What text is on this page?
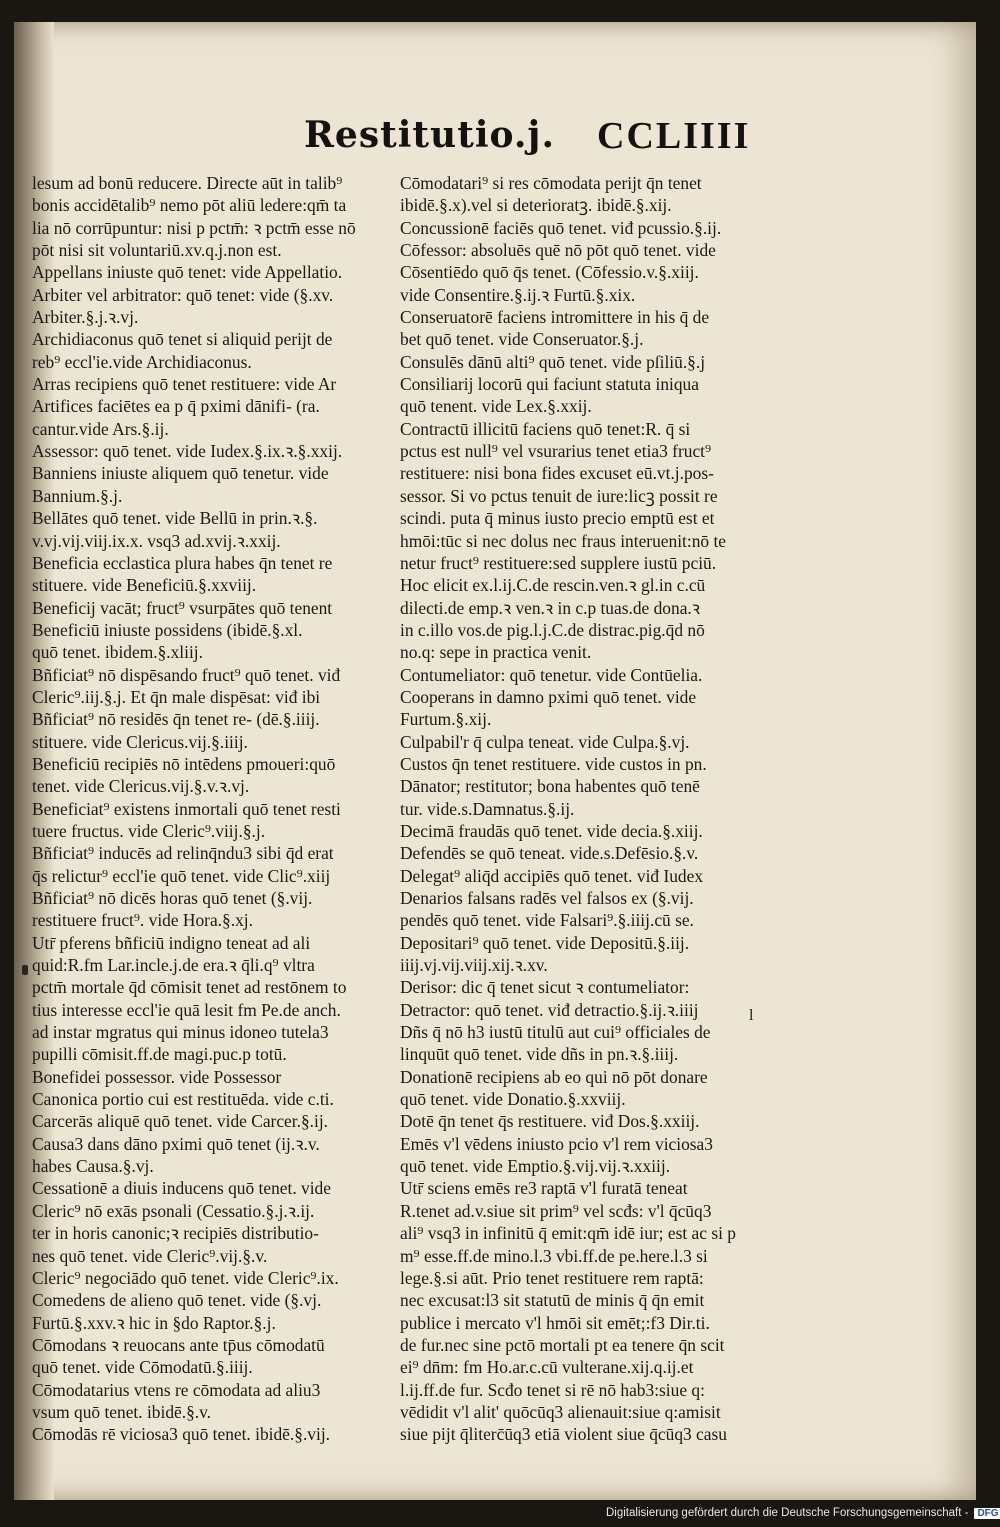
Restitutio.j. CCLIIII
lesum ad bonū reducere. Directe aūt in talib⁹
bonis accidētalib⁹ nemo pōt aliū ledere:qm̄ ta
lia nō corrūpuntur: nisi p pctm̄: ꝛ pctm̄ esse nō
pōt nisi sit voluntariū.xv.q.j.non est.
Appellans iniuste quō tenet: vide Appellatio.
Arbiter vel arbitrator: quō tenet: vide (§.xv.
Arbiter.§.j.ꝛ.vj.
Archidiaconus quō tenet si aliquid perijt de
reb⁹ eccl'ie.vide Archidiaconus.
Arras recipiens quō tenet restituere: vide Ar
Artifices faciētes ea p q̄ pximi dānifi- (ra.
cantur.vide Ars.§.ij.
Assessor: quō tenet. vide Iudex.§.ix.ꝛ.§.xxij.
Banniens iniuste aliquem quō tenetur. vide
Bannium.§.j.
Bellātes quō tenet. vide Bellū in prin.ꝛ.§.
v.vj.vij.viij.ix.x. vsq3 ad.xvij.ꝛ.xxij.
Beneficia ecclastica plura habes q̄n tenet re
stituere. vide Beneficiū.§.xxviij.
Beneficij vacāt; fruct⁹ vsurpātes quō tenent
Beneficiū iniuste possidens (ibidē.§.xl.
quō tenet. ibidem.§.xliij.
Bñficiat⁹ nō dispēsando fruct⁹ quō tenet. viđ
Cleric⁹.iij.§.j. Et q̄n male dispēsat: viđ ibi
Bñficiat⁹ nō residēs q̄n tenet re- (dē.§.iiij.
stituere. vide Clericus.vij.§.iiij.
Beneficiū recipiēs nō intēdens pmoueri:quō
tenet. vide Clericus.vij.§.v.ꝛ.vj.
Beneficiat⁹ existens inmortali quō tenet resti
tuere fructus. vide Cleric⁹.viij.§.j.
Bñficiat⁹ inducēs ad relinq̄ndu3 sibi q̄d erat
q̄s relictur⁹ eccl'ie quō tenet. vide Clic⁹.xiij
Bñficiat⁹ nō dicēs horas quō tenet (§.vij.
restituere fruct⁹. vide Hora.§.xj.
Utr̄ pferens bñficiū indigno teneat ad ali
quid:R.fm Lar.incle.j.de era.ꝛ q̄li.q⁹ vltra
pctm̄ mortale q̄d cōmisit tenet ad restōnem to
tius interesse eccl'ie quā lesit fm Pe.de anch.
ad instar mgratus qui minus idoneo tutela3
pupilli cōmisit.ff.de magi.puc.p totū.
Bonefidei possessor. vide Possessor
Canonica portio cui est restituēda. vide c.ti.
Carcerās aliquē quō tenet. vide Carcer.§.ij.
Causa3 dans dāno pximi quō tenet (ij.ꝛ.v.
habes Causa.§.vj.
Cessationē a diuis inducens quō tenet. vide
Cleric⁹ nō exās psonali (Cessatio.§.j.ꝛ.ij.
ter in horis canonic;ꝛ recipiēs distributio-
nes quō tenet. vide Cleric⁹.vij.§.v.
Cleric⁹ negociādo quō tenet. vide Cleric⁹.ix.
Comedens de alieno quō tenet. vide (§.vj.
Furtū.§.xxv.ꝛ hic in §do Raptor.§.j.
Cōmodans ꝛ reuocans ante tp̄us cōmodatū
quō tenet. vide Cōmodatū.§.iiij.
Cōmodatarius vtens re cōmodata ad aliu3
vsum quō tenet. ibidē.§.v.
Cōmodās rē viciosa3 quō tenet. ibidē.§.vij.
Cōmodatari⁹ si res cōmodata perijt q̄n tenet
ibidē.§.x).vel si deterioratꝫ. ibidē.§.xij.
Concussionē faciēs quō tenet. viđ pcussio.§.ij.
Cōfessor: absoluēs quē nō pōt quō tenet. vide
Cōsentiēdo quō q̄s tenet. (Cōfessio.v.§.xiij.
vide Consentire.§.ij.ꝛ Furtū.§.xix.
Conseruatorē faciens intromittere in his q̄ de
bet quō tenet. vide Conseruator.§.j.
Consulēs dānū alti⁹ quō tenet. vide pſiliū.§.j
Consiliarij locorū qui faciunt statuta iniqua
quō tenent. vide Lex.§.xxij.
Contractū illicitū faciens quō tenet:R. q̄ si
pctus est null⁹ vel vsurarius tenet etia3 fruct⁹
restituere: nisi bona fides excuset eū.vt.j.pos-
sessor. Si vo pctus tenuit de iure:licꝫ possit re
scindi. puta q̄ minus iusto precio emptū est et
hmōi:tūc si nec dolus nec fraus interuenit:nō te
netur fruct⁹ restituere:sed supplere iustū pciū.
Hoc elicit ex.l.ij.C.de rescin.ven.ꝛ gl.in c.cū
dilecti.de emp.ꝛ ven.ꝛ in c.p tuas.de dona.ꝛ
in c.illo vos.de pig.l.j.C.de distrac.pig.q̄d nō
no.q: sepe in practica venit.
Contumeliator: quō tenetur. vide Contūelia.
Cooperans in damno pximi quō tenet. vide
Furtum.§.xij.
Culpabil'r q̄ culpa teneat. vide Culpa.§.vj.
Custos q̄n tenet restituere. vide custos in pn.
Dānator; restitutor; bona habentes quō tenē
tur. vide.s.Damnatus.§.ij.
Decimā fraudās quō tenet. vide decia.§.xiij.
Defendēs se quō teneat. vide.s.Defēsio.§.v.
Delegat⁹ aliq̄d accipiēs quō tenet. viđ Iudex
Denarios falsans radēs vel falsos ex (§.vij.
pendēs quō tenet. vide Falsari⁹.§.iiij.cū se.
Depositari⁹ quō tenet. vide Depositū.§.iij.
iiij.vj.vij.viij.xij.ꝛ.xv.
Derisor: dic q̄ tenet sicut ꝛ contumeliator:
Detractor: quō tenet. viđ detractio.§.ij.ꝛ.iiij
Dñs q̄ nō h3 iustū titulū aut cui⁹ officiales de
linquūt quō tenet. vide dñs in pn.ꝛ.§.iiij.
Donationē recipiens ab eo qui nō pōt donare
quō tenet. vide Donatio.§.xxviij.
Dotē q̄n tenet q̄s restituere. viđ Dos.§.xxiij.
Emēs v'l vēdens iniusto pcio v'l rem viciosa3
quō tenet. vide Emptio.§.vij.vij.ꝛ.xxiij.
Utr̄ sciens emēs re3 raptā v'l furatā teneat
R.tenet ad.v.siue sit prim⁹ vel scđs: v'l q̄cūq3
ali⁹ vsq3 in infinitū q̄ emit:qm̄ idē iur; est ac si p
m⁹ esse.ff.de mino.l.3 vbi.ff.de pe.here.l.3 si
lege.§.si aūt. Prio tenet restituere rem raptā:
nec excusat:l3 sit statutū de minis q̄ q̄n emit
publice i mercato v'l hmōi sit emēt;:f3 Dir.ti.
de fur.nec sine pctō mortali pt ea tenere q̄n scit
ei⁹ dn̄m: fm Ho.ar.c.cū vulterane.xij.q.ij.et
l.ij.ff.de fur. Scđo tenet si rē nō hab3:siue q:
vēdidit v'l alit' quōcūq3 alienauit:siue q:amisit
siue pijt q̄literc̄ūq3 etiā violent siue q̄cūq3 casu
l
Digitalisierung gefördert durch die Deutsche Forschungsgemeinschaft - DFG
